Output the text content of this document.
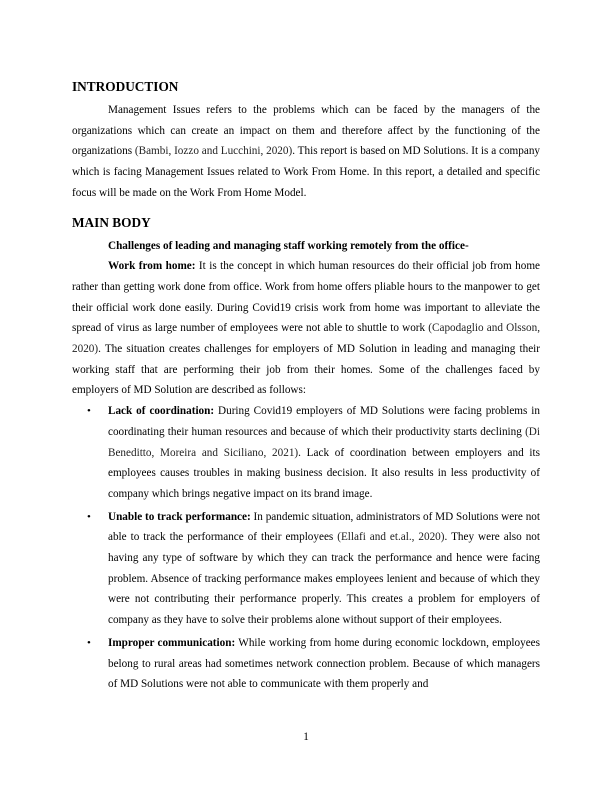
INTRODUCTION

Management Issues refers to the problems which can be faced by the managers of the organizations which can create an impact on them and therefore affect by the functioning of the organizations (Bambi, Iozzo and Lucchini, 2020). This report is based on MD Solutions. It is a company which is facing Management Issues related to Work From Home. In this report, a detailed and specific focus will be made on the Work From Home Model.

MAIN BODY
Challenges of leading and managing staff working remotely from the office-

Work from home: It is the concept in which human resources do their official job from home rather than getting work done from office. Work from home offers pliable hours to the manpower to get their official work done easily. During Covid19 crisis work from home was important to alleviate the spread of virus as large number of employees were not able to shuttle to work (Capodaglio and Olsson, 2020). The situation creates challenges for employers of MD Solution in leading and managing their working staff that are performing their job from their homes. Some of the challenges faced by employers of MD Solution are described as follows:

• Lack of coordination: During Covid19 employers of MD Solutions were facing problems in coordinating their human resources and because of which their productivity starts declining (Di Beneditto, Moreira and Siciliano, 2021). Lack of coordination between employers and its employees causes troubles in making business decision. It also results in less productivity of company which brings negative impact on its brand image.
• Unable to track performance: In pandemic situation, administrators of MD Solutions were not able to track the performance of their employees (Ellafi and et.al., 2020). They were also not having any type of software by which they can track the performance and hence were facing problem. Absence of tracking performance makes employees lenient and because of which they were not contributing their performance properly. This creates a problem for employers of company as they have to solve their problems alone without support of their employees.
• Improper communication: While working from home during economic lockdown, employees belong to rural areas had sometimes network connection problem. Because of which managers of MD Solutions were not able to communicate with them properly and
1
